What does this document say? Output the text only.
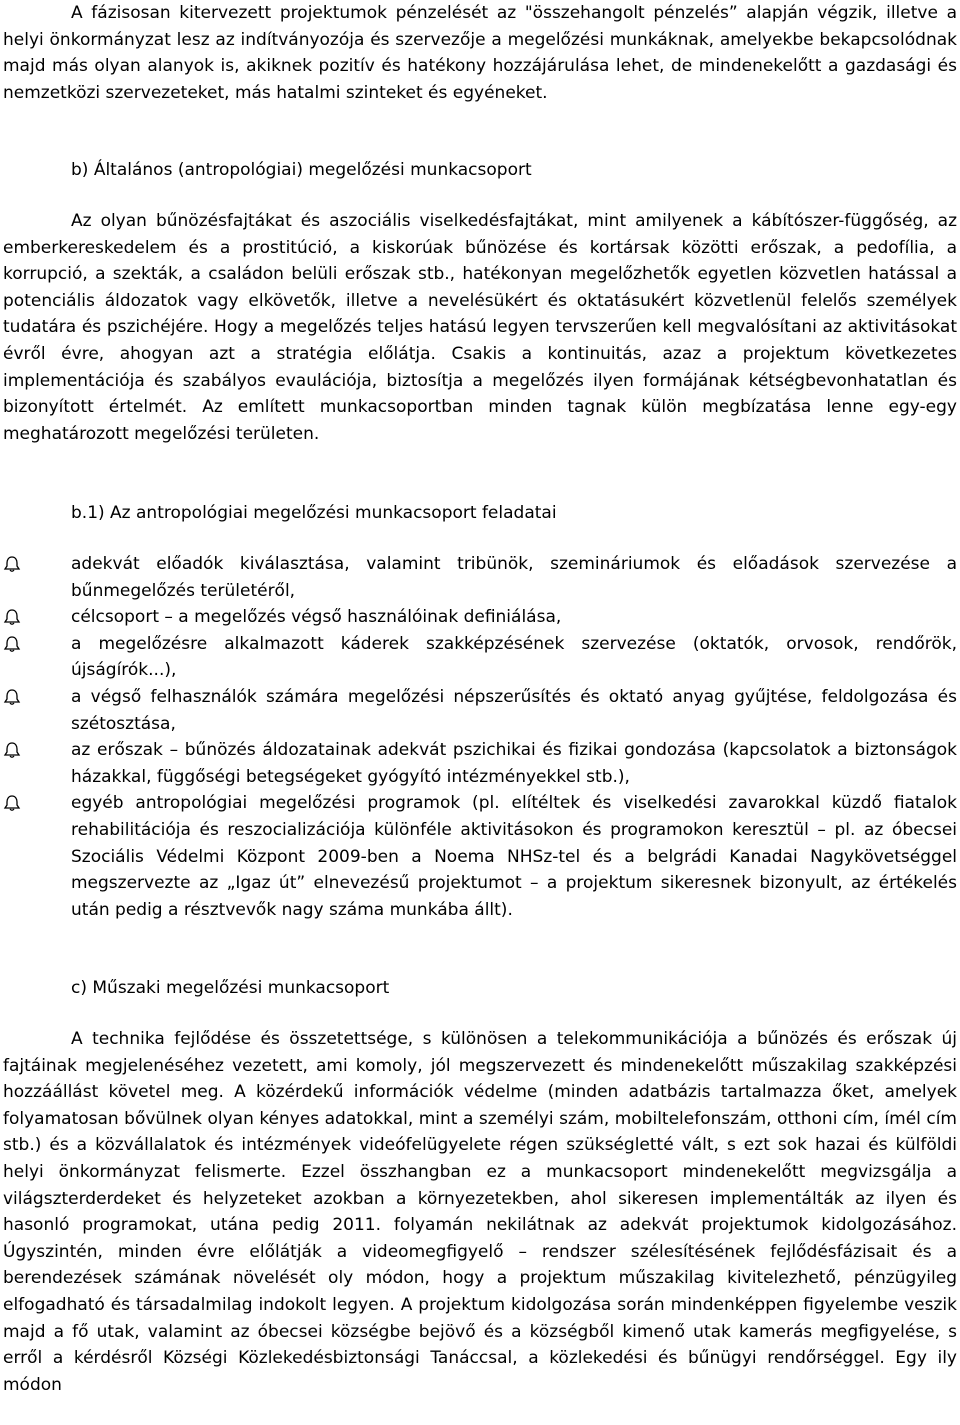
A fázisosan kitervezett projektumok pénzelését az "összehangolt pénzelés” alapján végzik, illetve a helyi önkormányzat lesz az indítványozója és szervezője a megelőzési munkáknak, amelyekbe bekapcsolódnak majd más olyan alanyok is, akiknek pozitív és hatékony hozzájárulása lehet, de mindenekelőtt a gazdasági és nemzetközi szervezeteket, más hatalmi szinteket és egyéneket.

b) Általános (antropológiai) megelőzési munkacsoport

Az olyan bűnözésfajtákat és aszociális viselkedésfajtákat, mint amilyenek a kábítószer-függőség, az emberkereskedelem és a prostitúció, a kiskorúak bűnözése és kortársak közötti erőszak, a pedofília, a korrupció, a szekták, a családon belüli erőszak stb., hatékonyan megelőzhetők egyetlen közvetlen hatással a potenciális áldozatok vagy elkövetők, illetve a nevelésükért és oktatásukért közvetlenül felelős személyek tudatára és pszichéjére. Hogy a megelőzés teljes hatású legyen tervszerűen kell megvalósítani az aktivitásokat évről évre, ahogyan azt a stratégia előlátja. Csakis a kontinuitás, azaz a projektum következetes implementációja és szabályos evaulációja, biztosítja a megelőzés ilyen formájának kétségbevonhatatlan és bizonyított értelmét. Az említett munkacsoportban minden tagnak külön megbízatása lenne egy-egy meghatározott megelőzési területen.

b.1) Az antropológiai megelőzési munkacsoport feladatai
adekvát előadók kiválasztása, valamint tribünök, szemináriumok és előadások szervezése a bűnmegelőzés területéről,
célcsoport – a megelőzés végső használóinak definiálása,
a megelőzésre alkalmazott káderek szakképzésének szervezése (oktatók, orvosok, rendőrök, újságírók...),
a végső felhasználók számára megelőzési népszerűsítés és oktató anyag gyűjtése, feldolgozása és szétosztása,
az erőszak – bűnözés áldozatainak adekvát pszichikai és fizikai gondozása (kapcsolatok a biztonságok házakkal, függőségi betegségeket gyógyító intézményekkel stb.),
egyéb antropológiai megelőzési programok (pl. elítéltek és viselkedési zavarokkal küzdő fiatalok rehabilitációja és reszocializációja különféle aktivitásokon és programokon keresztül – pl. az óbecsei Szociális Védelmi Központ 2009-ben a Noema NHSz-tel és a belgrádi Kanadai Nagykövetséggel megszervezte az „Igaz út” elnevezésű projektumot – a projektum sikeresnek bizonyult, az értékelés után pedig a résztvevők nagy száma munkába állt).
c) Műszaki megelőzési munkacsoport

A technika fejlődése és összetettsége, s különösen a telekommunikációja a bűnözés és erőszak új fajtáinak megjelenéséhez vezetett, ami komoly, jól megszervezett és mindenekelőtt műszakilag szakképzési hozzáállást követel meg. A közérdekű információk védelme (minden adatbázis tartalmazza őket, amelyek folyamatosan bővülnek olyan kényes adatokkal, mint a személyi szám, mobiltelefonszám, otthoni cím, ímél cím stb.) és a közvállalatok és intézmények videófelügyelete régen szükségletté vált, s ezt sok hazai és külföldi helyi önkormányzat felismerte. Ezzel összhangban ez a munkacsoport mindenekelőtt megvizsgálja a világszterderdeket és helyzeteket azokban a környezetekben, ahol sikeresen implementálták az ilyen és hasonló programokat, utána pedig 2011. folyamán nekilátnak az adekvát projektumok kidolgozásához. Úgyszintén, minden évre előlátják a videomegfigyelő – rendszer szélesítésének fejlődésfázisait és a berendezések számának növelését oly módon, hogy a projektum műszakilag kivitelezhető, pénzügyileg elfogadható és társadalmilag indokolt legyen. A projektum kidolgozása során mindenképpen figyelembe veszik majd a fő utak, valamint az óbecsei községbe bejövő és a községből kimenő utak kamerás megfigyelése, s erről a kérdésről Községi Közlekedésbiztonsági Tanáccsal, a közlekedési és bűnügyi rendőrséggel. Egy ily módon
